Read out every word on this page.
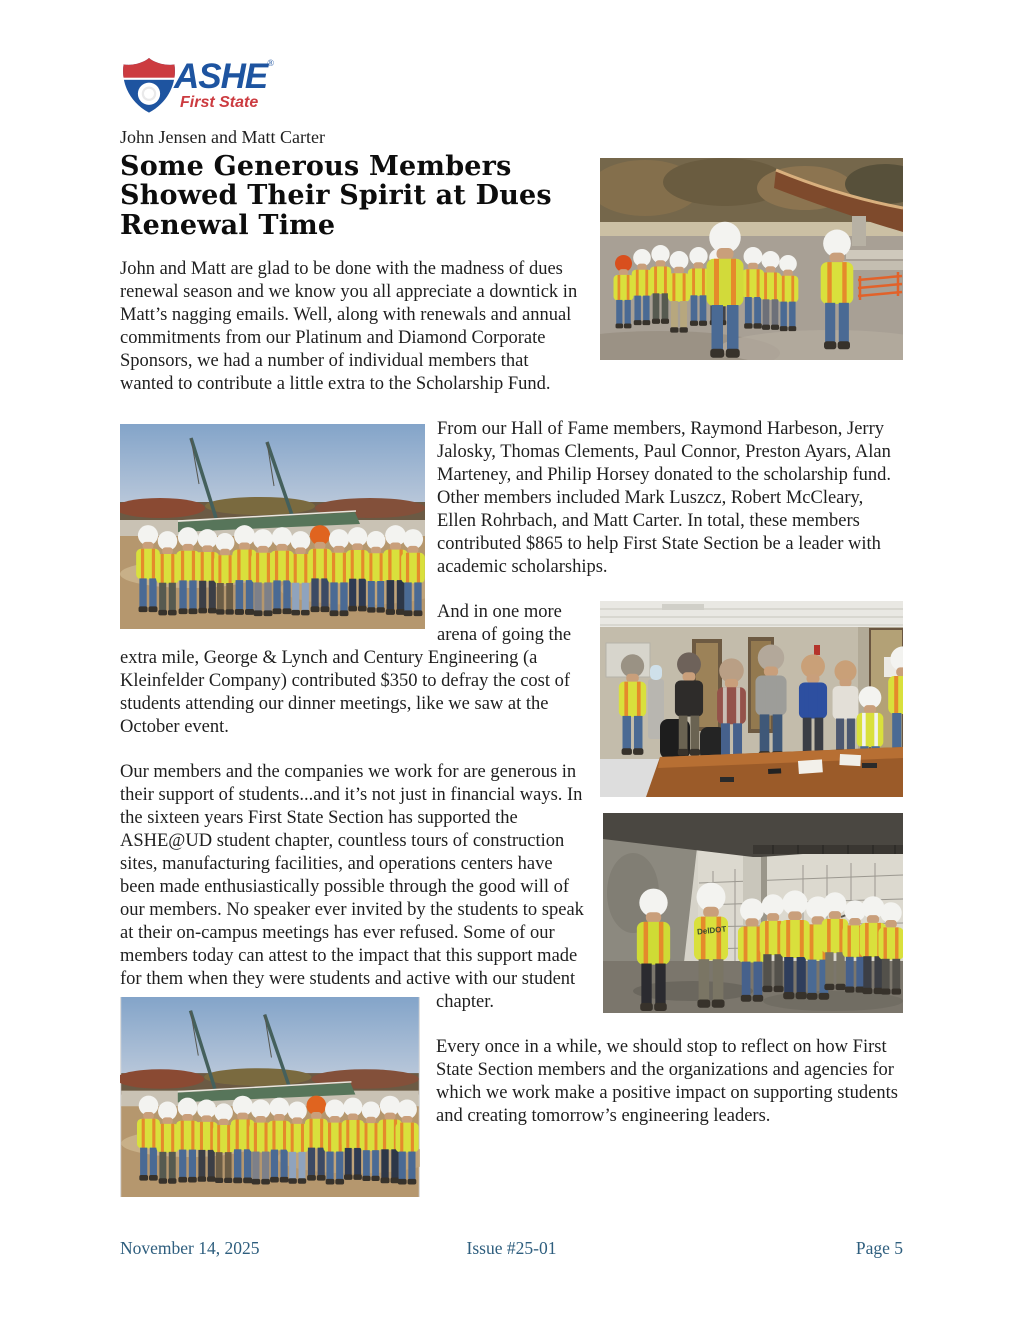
ASHE®
First State
John Jensen and Matt Carter
Some Generous Members
Showed Their Spirit at Dues
Renewal Time

John and Matt are glad to be done with the madness of dues renewal season and we know you all appreciate a downtick in Matt’s nagging emails. Well, along with renewals and annual commitments from our Platinum and Diamond Corporate Sponsors, we had a number of individual members that wanted to contribute a little extra to the Scholarship Fund.

From our Hall of Fame members, Raymond Harbeson, Jerry Jalosky, Thomas Clements, Paul Connor, Preston Ayars, Alan Marteney, and Philip Horsey donated to the scholarship fund. Other members included Mark Luszcz, Robert McCleary, Ellen Rohrbach, and Matt Carter. In total, these members contributed $865 to help First State Section be a leader with academic scholarships.

DelDOT

And in one more
arena of going the extra mile, George & Lynch and Century Engineering (a Kleinfelder Company) contributed $350 to defray the cost of students attending our dinner meetings, like we saw at the October event.

Our members and the companies we work for are generous in their support of students...and it’s not just in financial ways. In the sixteen years First State Section has supported the ASHE@UD student chapter, countless tours of construction sites, manufacturing facilities, and operations centers have been made enthusiastically possible through the good will of our members. No speaker ever invited by the students to speak at their on-campus meetings has ever refused. Some of our members today can attest to the impact that this support made for them when they were students and active with our student

chapter.

Every once in a while, we should stop to reflect on how First State Section members and the organizations and agencies for which we work make a positive impact on supporting students and creating tomorrow’s engineering leaders.

November 14, 2025	Issue #25-01	Page 5
